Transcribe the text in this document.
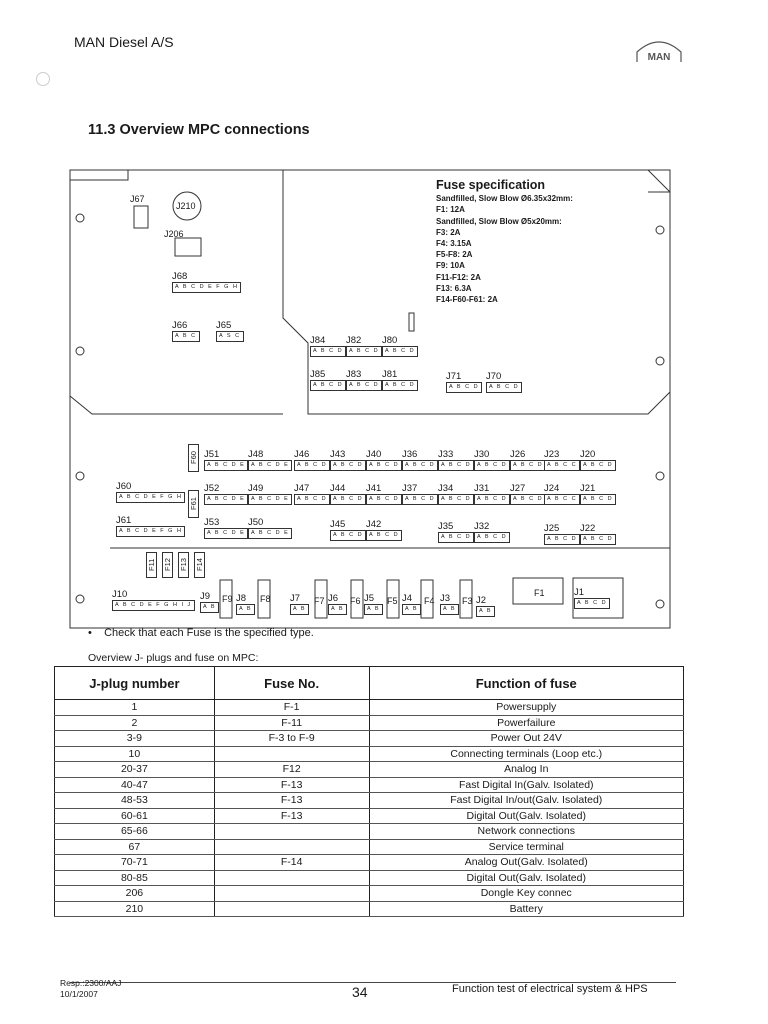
MAN Diesel A/S
MAN
11.3 Overview MPC connections
J67
J210
J206
J68
A B C D E F G H
J66
A B C
J65
A S C	J84
A B C D
J82
A B C D
J80
A B C D
J85
A B C D
J83
A B C D
J81
A B C D
J71
A B C D
J70
A B C D
J51
A B C D E
J48
A B C D E
J46
A B C D
J43
A B C D
J40
A B C D
J36
A B C D
J33
A B C D
J30
A B C D
J26
A B C D
J23
A B C C
J20
A B C D
J60
A B C D E F G H
J52
A B C D E
J49
A B C D E
J47
A B C D
J44
A B C D
J41
A B C D
J37
A B C D
J34
A B C D
J31
A B C D
J27
A B C D
J24
A B C C
J21
A B C D
J61
A B C D E F G H
J53
A B C D E
J50
A B C D E
J45
A B C D
J42
A B C D
J35
A B C D
J32
A B C D
J25
A B C D
J22
A B C D
J10
A B C D E F G H I J
J9
A B
J8
A B
J7
A B
J6
A B
J5
A B
J4
A B
J3
A B
J2
A B
J1
A B C D
F60
F61
F11 F12 F13 F14
F9	F8	F7	F6	F5	F4	F3
F1
Fuse specification
Sandfilled, Slow Blow Ø6.35x32mm:
F1: 12A
Sandfilled, Slow Blow Ø5x20mm:
F3: 2A
F4: 3.15A
F5-F8: 2A
F9: 10A
F11-F12: 2A
F13: 6.3A
F14-F60-F61: 2A
• Check that each Fuse is the specified type.
Overview J- plugs and fuse on MPC:
J-plug number	Fuse No.	Function of fuse
1	F-1	Powersupply
2	F-11	Powerfailure
3-9	F-3 to F-9	Power Out 24V
10		Connecting terminals (Loop etc.)
20-37	F12	Analog In
40-47	F-13	Fast Digital In(Galv. Isolated)
48-53	F-13	Fast Digital In/out(Galv. Isolated)
60-61	F-13	Digital Out(Galv. Isolated)
65-66		Network connections
67		Service terminal
70-71	F-14	Analog Out(Galv. Isolated)
80-85		Digital Out(Galv. Isolated)
206		Dongle Key connec
210		Battery
Resp.:2300/AAJ
10/1/2007	34	Function test of electrical system & HPS
